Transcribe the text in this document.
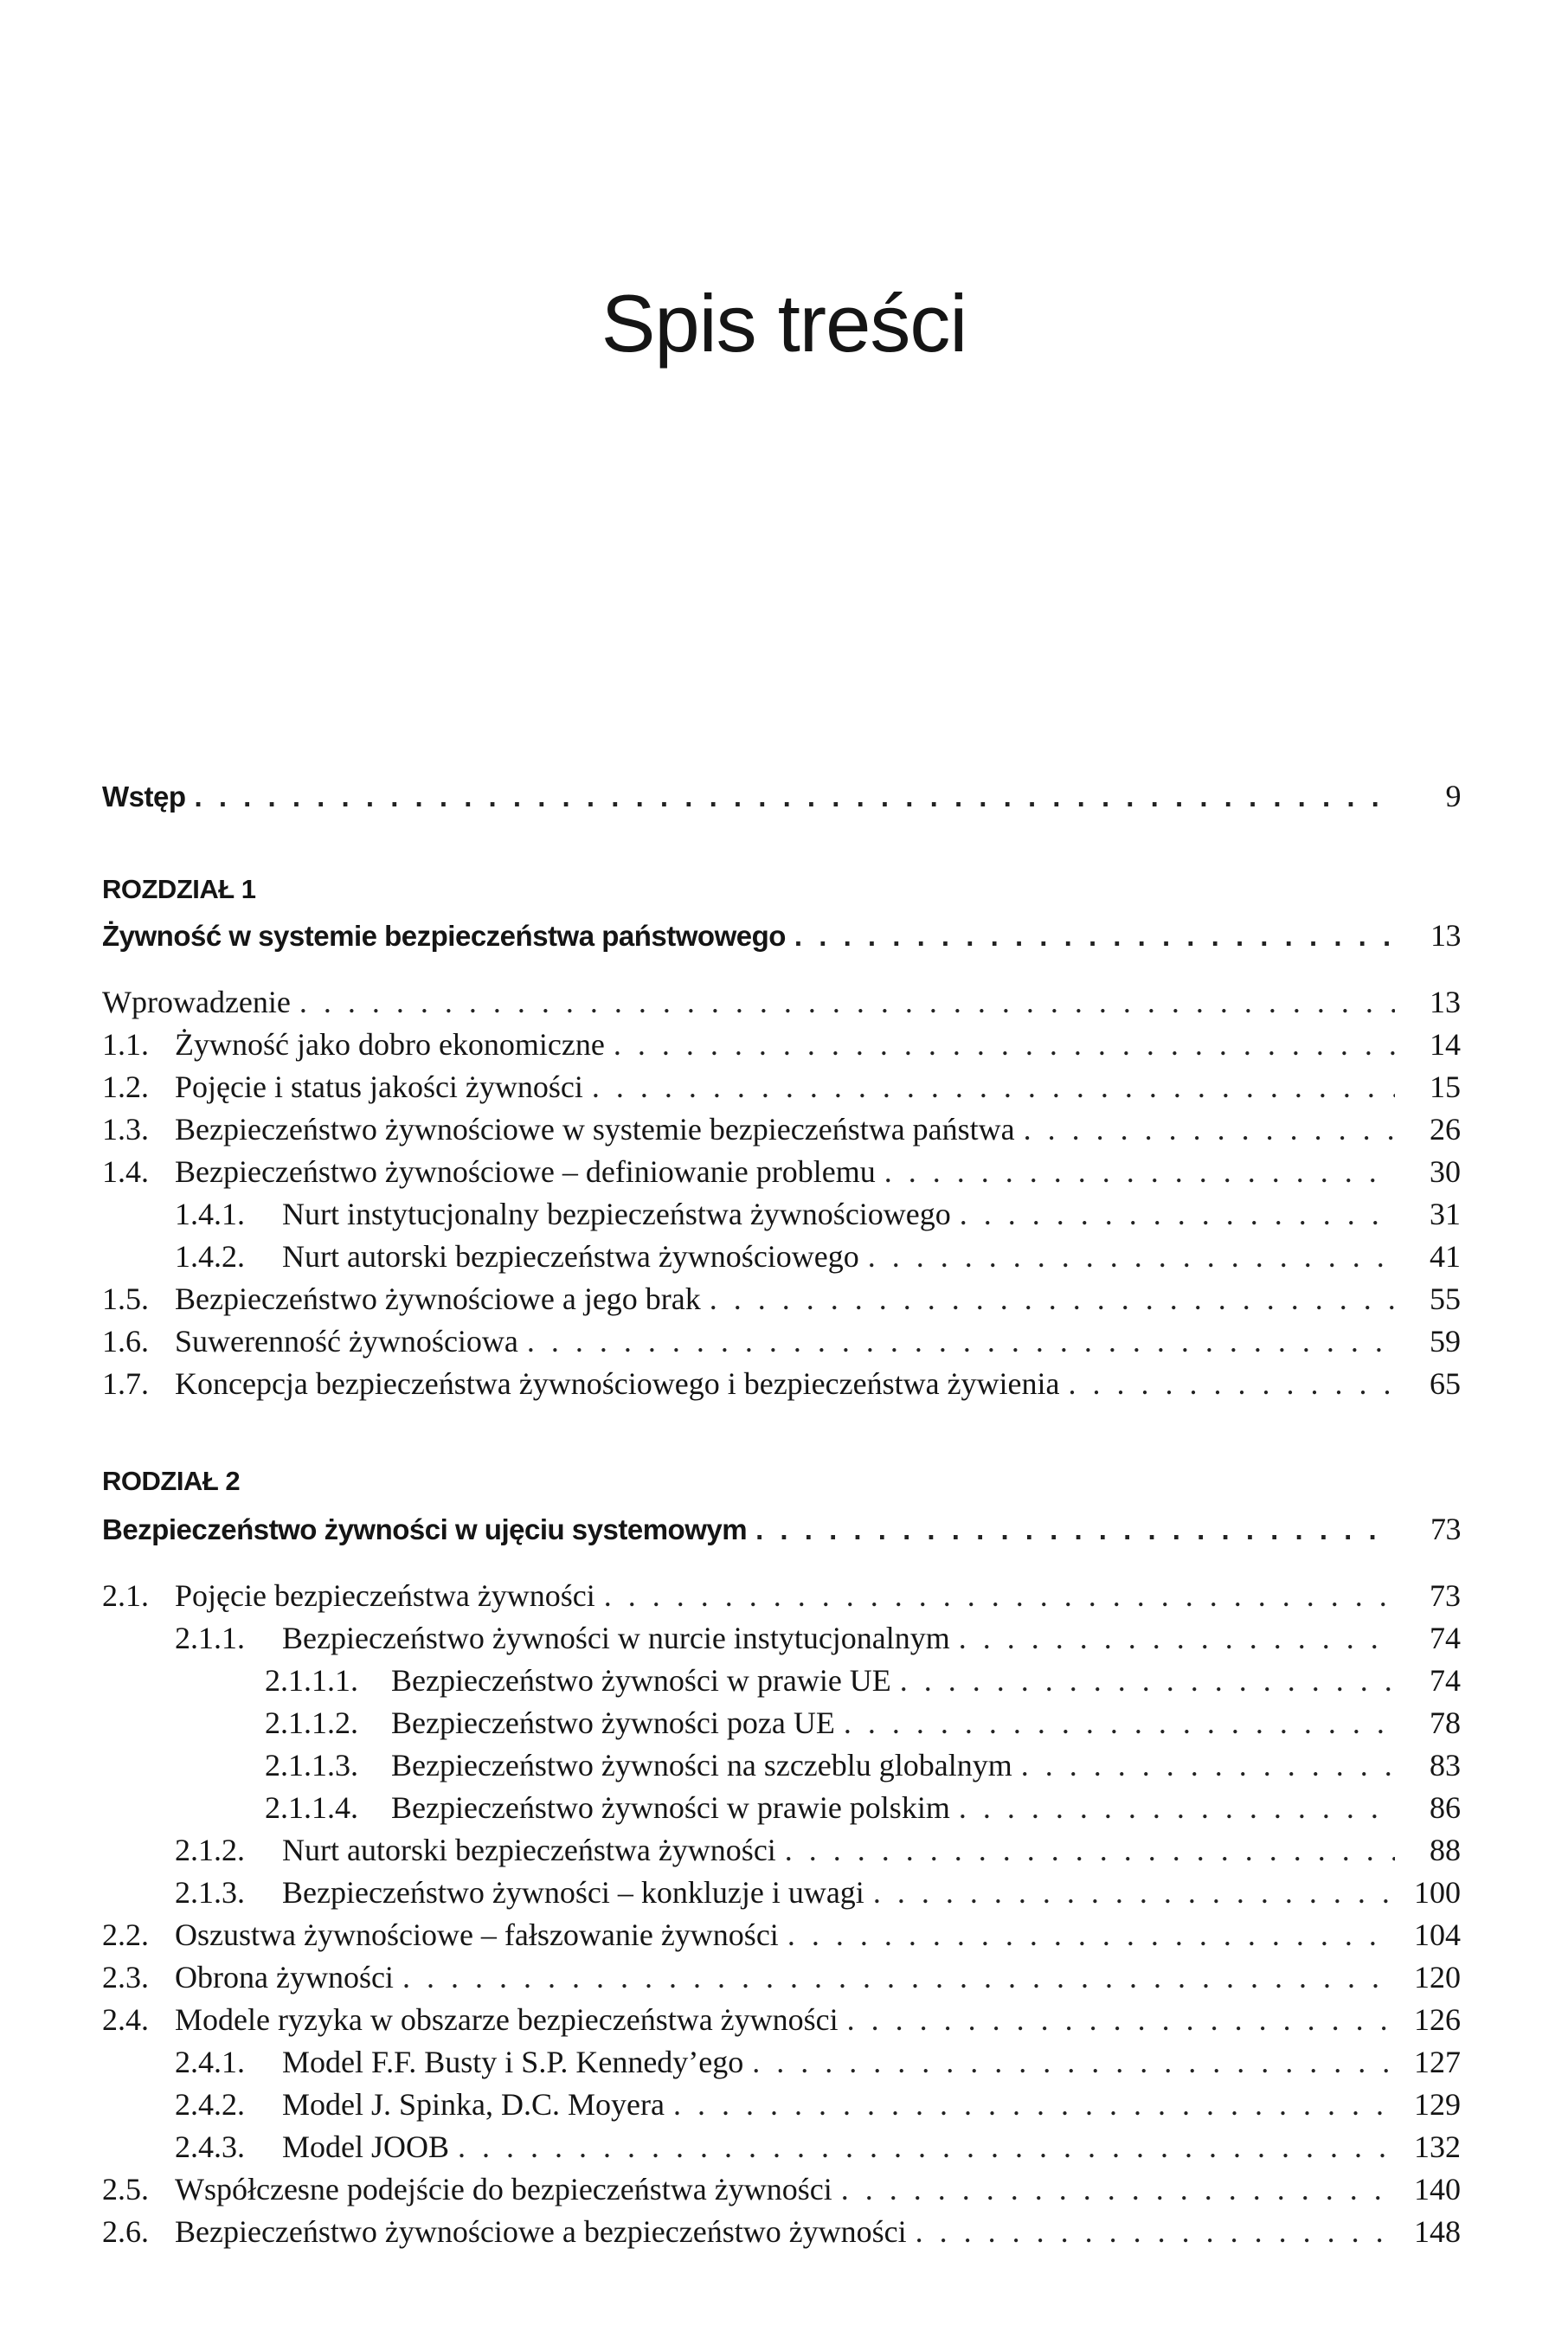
Spis treści
Wstęp . . .	9
ROZDZIAŁ 1
Żywność w systemie bezpieczeństwa państwowego . . .	13
Wprowadzenie . . .	13
1.1. Żywność jako dobro ekonomiczne . . .	14
1.2. Pojęcie i status jakości żywności . . .	15
1.3. Bezpieczeństwo żywnościowe w systemie bezpieczeństwa państwa . . .	26
1.4. Bezpieczeństwo żywnościowe – definiowanie problemu . . .	30
1.4.1.	Nurt instytucjonalny bezpieczeństwa żywnościowego . . .	31
1.4.2.	Nurt autorski bezpieczeństwa żywnościowego . . .	41
1.5. Bezpieczeństwo żywnościowe a jego brak . . .	55
1.6. Suwerenność żywnościowa . . .	59
1.7. Koncepcja bezpieczeństwa żywnościowego i bezpieczeństwa żywienia . . .	65
RODZIAŁ 2
Bezpieczeństwo żywności w ujęciu systemowym . . .	73
2.1. Pojęcie bezpieczeństwa żywności . . .	73
2.1.1.	Bezpieczeństwo żywności w nurcie instytucjonalnym . . .	74
2.1.1.1.	Bezpieczeństwo żywności w prawie UE . . .	74
2.1.1.2.	Bezpieczeństwo żywności poza UE . . .	78
2.1.1.3.	Bezpieczeństwo żywności na szczeblu globalnym . . .	83
2.1.1.4.	Bezpieczeństwo żywności w prawie polskim . . .	86
2.1.2.	Nurt autorski bezpieczeństwa żywności . . .	88
2.1.3.	Bezpieczeństwo żywności – konkluzje i uwagi . . .	100
2.2. Oszustwa żywnościowe – fałszowanie żywności . . .	104
2.3. Obrona żywności . . .	120
2.4. Modele ryzyka w obszarze bezpieczeństwa żywności . . .	126
2.4.1.	Model F.F. Busty i S.P. Kennedy’ego . . .	127
2.4.2.	Model J. Spinka, D.C. Moyera . . .	129
2.4.3.	Model JOOB . . .	132
2.5. Współczesne podejście do bezpieczeństwa żywności . . .	140
2.6. Bezpieczeństwo żywnościowe a bezpieczeństwo żywności . . .	148
